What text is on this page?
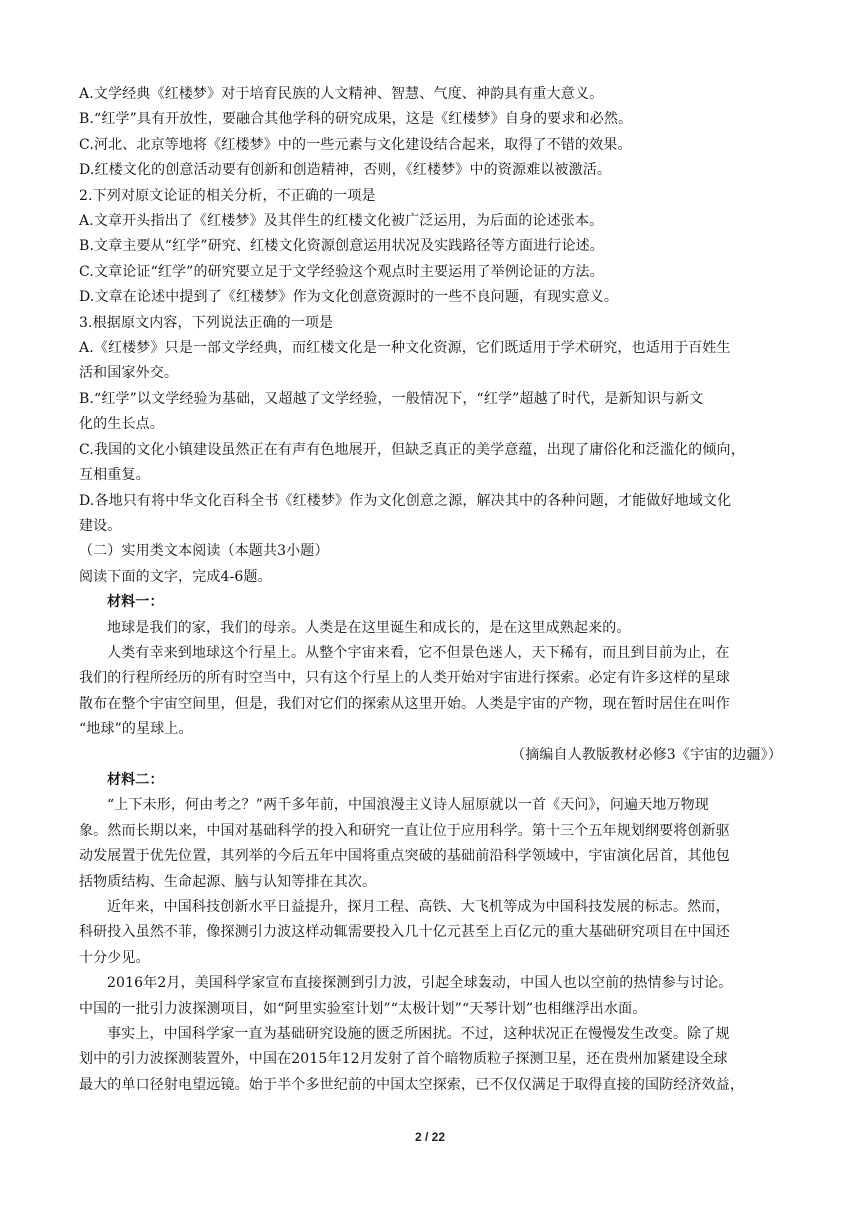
A.文学经典《红楼梦》对于培育民族的人文精神、智慧、气度、神韵具有重大意义。
B.“红学”具有开放性，要融合其他学科的研究成果，这是《红楼梦》自身的要求和必然。
C.河北、北京等地将《红楼梦》中的一些元素与文化建设结合起来，取得了不错的效果。
D.红楼文化的创意活动要有创新和创造精神，否则，《红楼梦》中的资源难以被激活。
2.下列对原文论证的相关分析，不正确的一项是
A.文章开头指出了《红楼梦》及其伴生的红楼文化被广泛运用，为后面的论述张本。
B.文章主要从“红学”研究、红楼文化资源创意运用状况及实践路径等方面进行论述。
C.文章论证“红学”的研究要立足于文学经验这个观点时主要运用了举例论证的方法。
D.文章在论述中提到了《红楼梦》作为文化创意资源时的一些不良问题，有现实意义。
3.根据原文内容，下列说法正确的一项是
A.《红楼梦》只是一部文学经典，而红楼文化是一种文化资源，它们既适用于学术研究，也适用于百姓生
活和国家外交。
B.“红学”以文学经验为基础，又超越了文学经验，一般情况下，“红学”超越了时代，是新知识与新文
化的生长点。
C.我国的文化小镇建设虽然正在有声有色地展开，但缺乏真正的美学意蕴，出现了庸俗化和泛滥化的倾向，
互相重复。
D.各地只有将中华文化百科全书《红楼梦》作为文化创意之源，解决其中的各种问题，才能做好地域文化
建设。
（二）实用类文本阅读（本题共3小题）
阅读下面的文字，完成4-6题。
材料一：
地球是我们的家，我们的母亲。人类是在这里诞生和成长的，是在这里成熟起来的。
人类有幸来到地球这个行星上。从整个宇宙来看，它不但景色迷人，天下稀有，而且到目前为止，在
我们的行程所经历的所有时空当中，只有这个行星上的人类开始对宇宙进行探索。必定有许多这样的星球
散布在整个宇宙空间里，但是，我们对它们的探索从这里开始。人类是宇宙的产物，现在暂时居住在叫作
“地球”的星球上。
（摘编自人教版教材必修3《宇宙的边疆》）
材料二：
“上下未形，何由考之？”两千多年前，中国浪漫主义诗人屈原就以一首《天问》，问遍天地万物现
象。然而长期以来，中国对基础科学的投入和研究一直让位于应用科学。第十三个五年规划纲要将创新驱
动发展置于优先位置，其列举的今后五年中国将重点突破的基础前沿科学领域中，宇宙演化居首，其他包
括物质结构、生命起源、脑与认知等排在其次。
近年来，中国科技创新水平日益提升，探月工程、高铁、大飞机等成为中国科技发展的标志。然而，
科研投入虽然不菲，像探测引力波这样动辄需要投入几十亿元甚至上百亿元的重大基础研究项目在中国还
十分少见。
2016年2月，美国科学家宣布直接探测到引力波，引起全球轰动，中国人也以空前的热情参与讨论。
中国的一批引力波探测项目，如“阿里实验室计划”“太极计划”“天琴计划”也相继浮出水面。
事实上，中国科学家一直为基础研究设施的匮乏所困扰。不过，这种状况正在慢慢发生改变。除了规
划中的引力波探测装置外，中国在2015年12月发射了首个暗物质粒子探测卫星，还在贵州加紧建设全球
最大的单口径射电望远镜。始于半个多世纪前的中国太空探索，已不仅仅满足于取得直接的国防经济效益，
2 / 22
